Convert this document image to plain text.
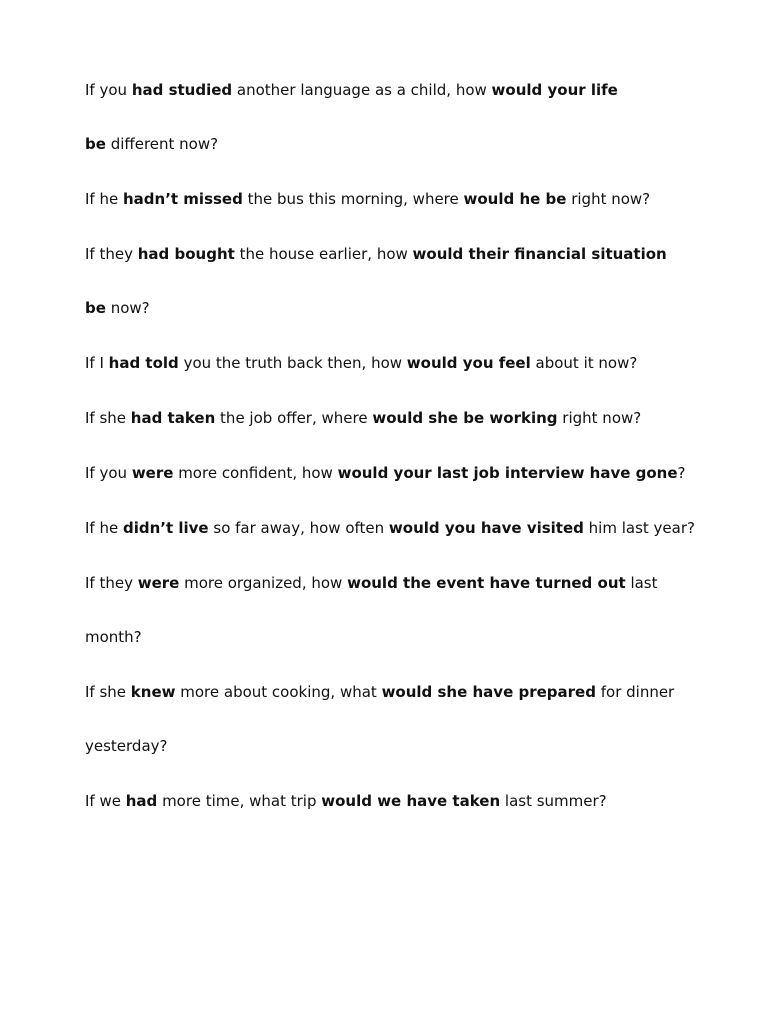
If you had studied another language as a child, how would your life
be different now?

If he hadn’t missed the bus this morning, where would he be right now?

If they had bought the house earlier, how would their financial situation
be now?

If I had told you the truth back then, how would you feel about it now?

If she had taken the job offer, where would she be working right now?

If you were more confident, how would your last job interview have gone?

If he didn’t live so far away, how often would you have visited him last year?

If they were more organized, how would the event have turned out last
month?

If she knew more about cooking, what would she have prepared for dinner
yesterday?

If we had more time, what trip would we have taken last summer?
